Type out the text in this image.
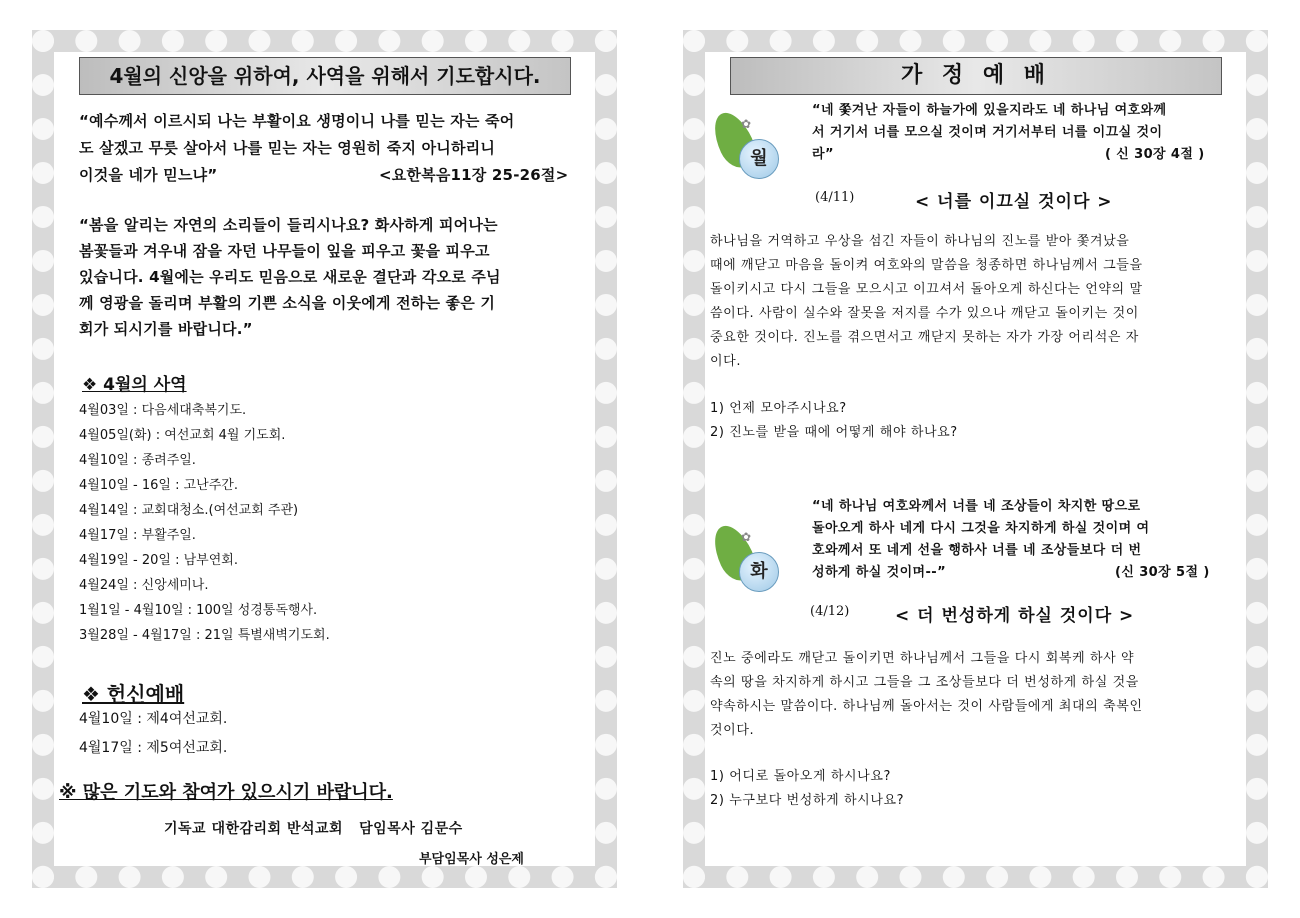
4월의 신앙을 위하여, 사역을 위해서 기도합시다.
“예수께서 이르시되 나는 부활이요 생명이니 나를 믿는 자는 죽어
도 살겠고 무릇 살아서 나를 믿는 자는 영원히 죽지 아니하리니
이것을 네가 믿느냐”	<요한복음11장 25-26절>
“봄을 알리는 자연의 소리들이 들리시나요? 화사하게 피어나는
봄꽃들과 겨우내 잠을 자던 나무들이 잎을 피우고 꽃을 피우고
있습니다. 4월에는 우리도 믿음으로 새로운 결단과 각오로 주님
께 영광을 돌리며 부활의 기쁜 소식을 이웃에게 전하는 좋은 기
회가 되시기를 바랍니다.”
❖ 4월의 사역
4월03일 : 다음세대축복기도.
4월05일(화) : 여선교회 4월 기도회.
4월10일 : 종려주일.
4월10일 - 16일 : 고난주간.
4월14일 : 교회대청소.(여선교회 주관)
4월17일 : 부활주일.
4월19일 - 20일 : 남부연회.
4월24일 : 신앙세미나.
1월1일 - 4월10일 : 100일 성경통독행사.
3월28일 - 4월17일 : 21일 특별새벽기도회.
❖ 헌신예배
4월10일 : 제4여선교회.
4월17일 : 제5여선교회.
※ 많은 기도와 참여가 있으시기 바랍니다.
기독교 대한감리회 반석교회   담임목사 김문수
부담임목사 성은제
가 정 예 배
✿
월
“네 쫓겨난 자들이 하늘가에 있을지라도 네 하나님 여호와께
서 거기서 너를 모으실 것이며 거기서부터 너를 이끄실 것이
라”	( 신 30장 4절 )
(4/11)	< 너를 이끄실 것이다 >
하나님을 거역하고 우상을 섬긴 자들이 하나님의 진노를 받아 쫓겨났을
때에 깨닫고 마음을 돌이켜 여호와의 말씀을 청종하면 하나님께서 그들을
돌이키시고 다시 그들을 모으시고 이끄셔서 돌아오게 하신다는 언약의 말
씀이다. 사람이 실수와 잘못을 저지를 수가 있으나 깨닫고 돌이키는 것이
중요한 것이다. 진노를 겪으면서고 깨닫지 못하는 자가 가장 어리석은 자
이다.
1) 언제 모아주시나요?
2) 진노를 받을 때에 어떻게 해야 하나요?
✿
화
“네 하나님 여호와께서 너를 네 조상들이 차지한 땅으로
돌아오게 하사 네게 다시 그것을 차지하게 하실 것이며 여
호와께서 또 네게 선을 행하사 너를 네 조상들보다 더 번
성하게 하실 것이며--”	(신 30장 5절 )
(4/12)	< 더 번성하게 하실 것이다 >
진노 중에라도 깨닫고 돌이키면 하나님께서 그들을 다시 회복케 하사 약
속의 땅을 차지하게 하시고 그들을 그 조상들보다 더 번성하게 하실 것을
약속하시는 말씀이다. 하나님께 돌아서는 것이 사람들에게 최대의 축복인
것이다.
1) 어디로 돌아오게 하시나요?
2) 누구보다 번성하게 하시나요?
